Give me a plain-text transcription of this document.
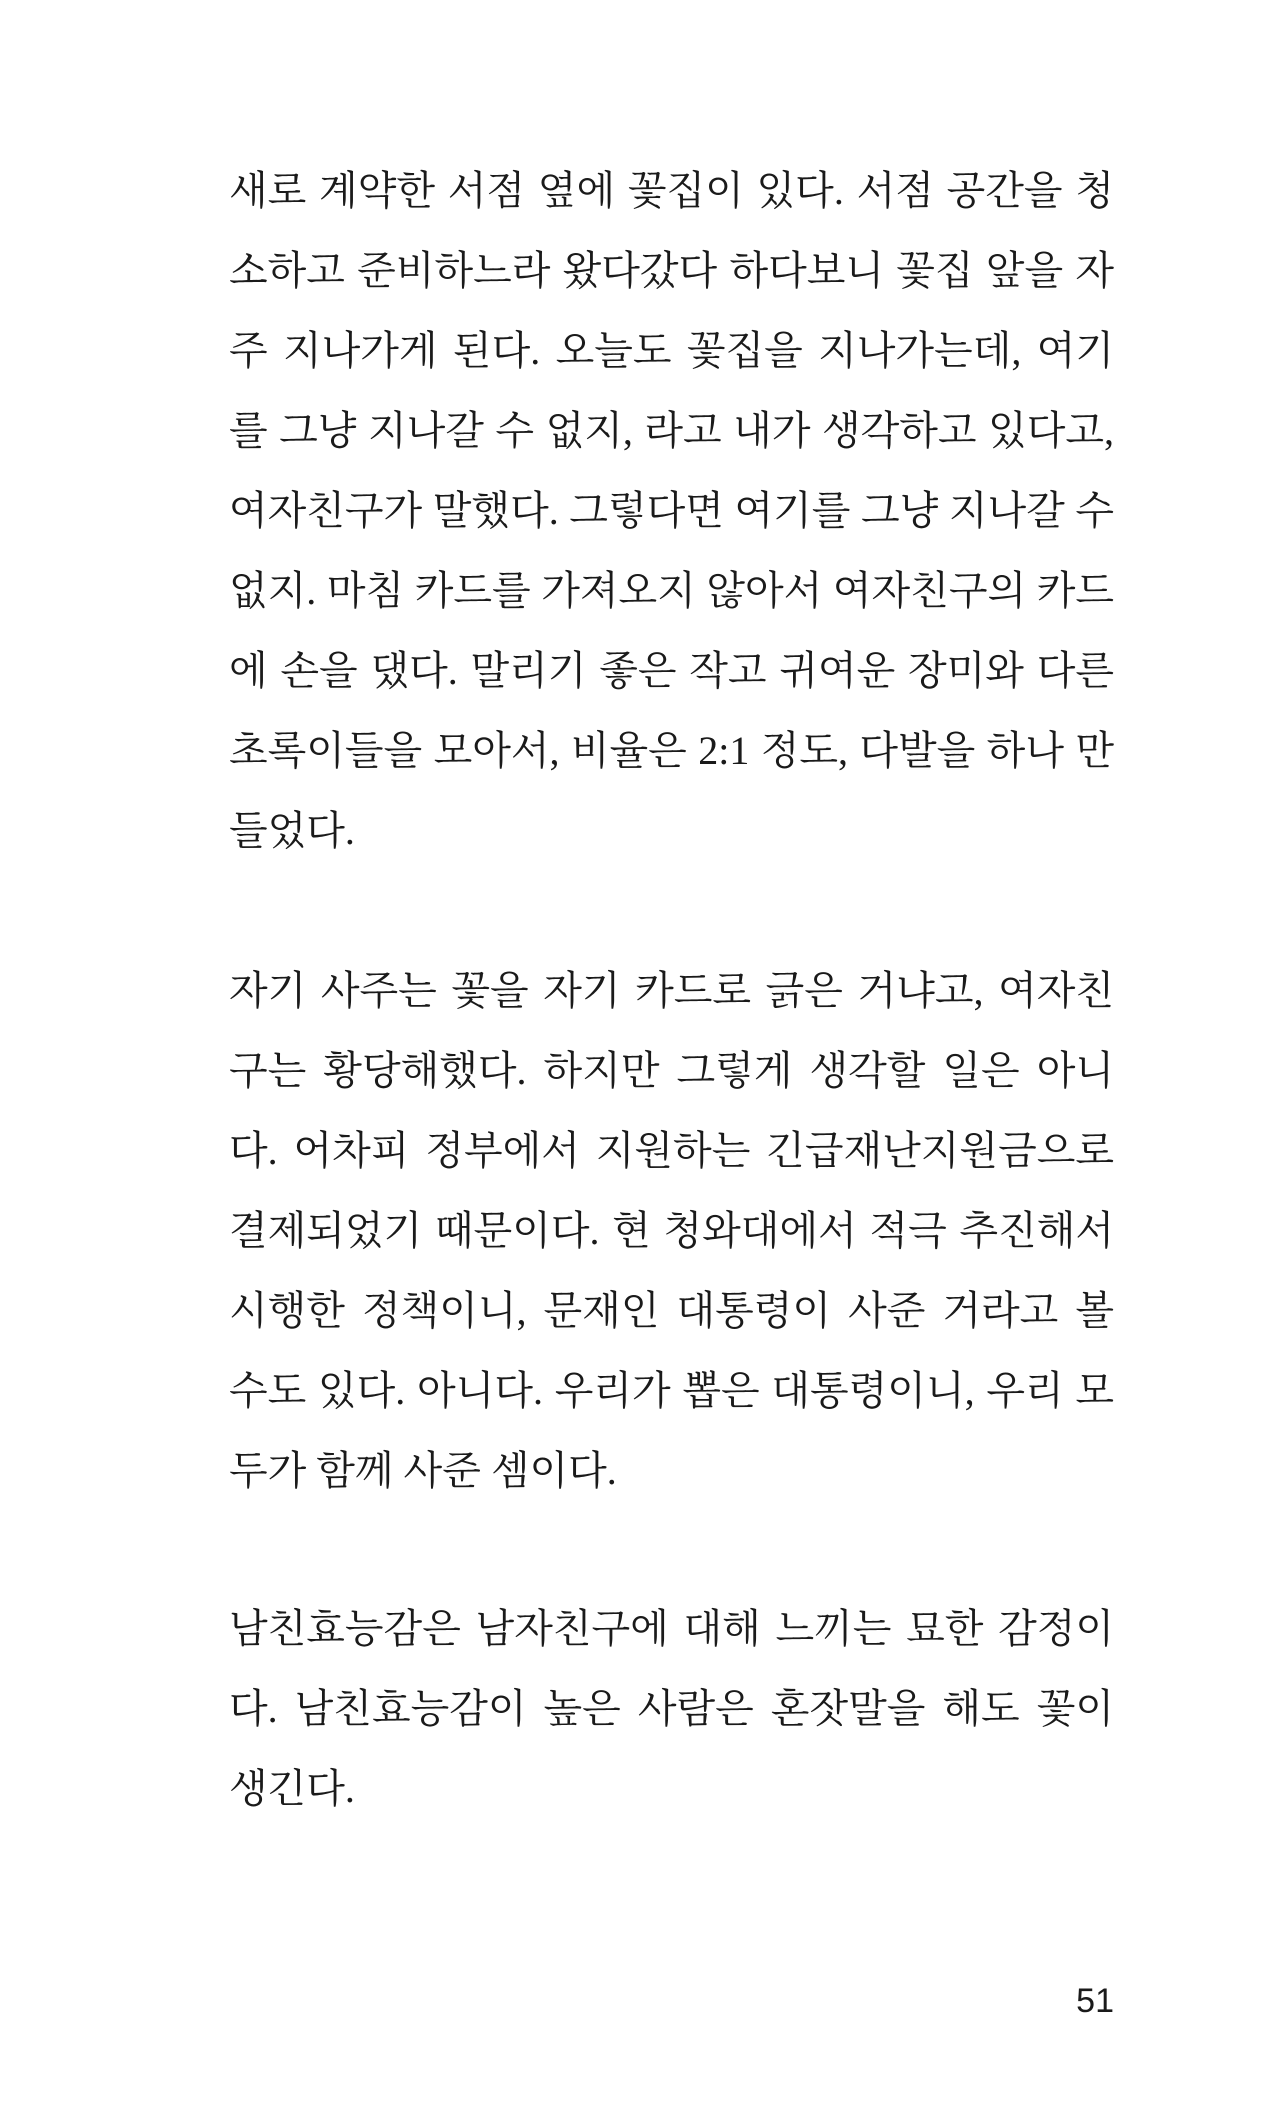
새로 계약한 서점 옆에 꽃집이 있다. 서점 공간을 청
소하고 준비하느라 왔다갔다 하다보니 꽃집 앞을 자
주 지나가게 된다. 오늘도 꽃집을 지나가는데, 여기
를 그냥 지나갈 수 없지, 라고 내가 생각하고 있다고,
여자친구가 말했다. 그렇다면 여기를 그냥 지나갈 수
없지. 마침 카드를 가져오지 않아서 여자친구의 카드
에 손을 댔다. 말리기 좋은 작고 귀여운 장미와 다른
초록이들을 모아서, 비율은 2:1 정도, 다발을 하나 만
들었다.
자기 사주는 꽃을 자기 카드로 긁은 거냐고, 여자친
구는 황당해했다. 하지만 그렇게 생각할 일은 아니
다. 어차피 정부에서 지원하는 긴급재난지원금으로
결제되었기 때문이다. 현 청와대에서 적극 추진해서
시행한 정책이니, 문재인 대통령이 사준 거라고 볼
수도 있다. 아니다. 우리가 뽑은 대통령이니, 우리 모
두가 함께 사준 셈이다.
남친효능감은 남자친구에 대해 느끼는 묘한 감정이
다. 남친효능감이 높은 사람은 혼잣말을 해도 꽃이
생긴다.
51
